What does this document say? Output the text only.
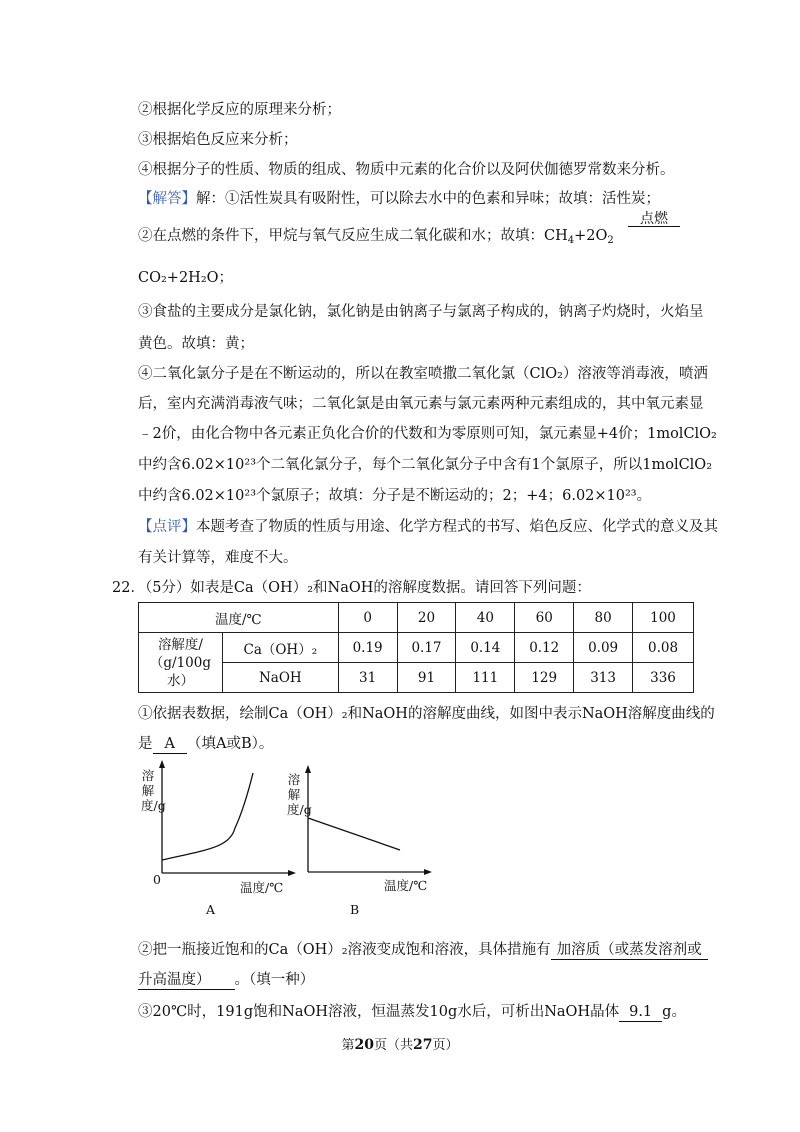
②根据化学反应的原理来分析；
③根据焰色反应来分析；
④根据分子的性质、物质的组成、物质中元素的化合价以及阿伏伽德罗常数来分析。
【解答】解：①活性炭具有吸附性，可以除去水中的色素和异味；故填：活性炭；
②在点燃的条件下，甲烷与氧气反应生成二氧化碳和水；故填：$CH_4+2O_2$
点燃
CO₂+2H₂O；
③食盐的主要成分是氯化钠，氯化钠是由钠离子与氯离子构成的，钠离子灼烧时，火焰呈
黄色。故填：黄；
④二氧化氯分子是在不断运动的，所以在教室喷撒二氧化氯（ClO₂）溶液等消毒液，喷洒
后，室内充满消毒液气味；二氧化氯是由氧元素与氯元素两种元素组成的，其中氧元素显
﹣2价，由化合物中各元素正负化合价的代数和为零原则可知，氯元素显+4价；1molClO₂
中约含6.02×10²³个二氧化氯分子，每个二氧化氯分子中含有1个氯原子，所以1molClO₂
中约含6.02×10²³个氯原子；故填：分子是不断运动的；2；+4；6.02×10²³。
【点评】本题考查了物质的性质与用途、化学方程式的书写、焰色反应、化学式的意义及其
有关计算等，难度不大。
22．（5分）如表是Ca（OH）₂和NaOH的溶解度数据。请回答下列问题：
温度/℃		0	20	40	60	80	100
溶解度/（g/100g水）	Ca（OH）₂	0.19	0.17	0.14	0.12	0.09	0.08
	NaOH	31	91	111	129	313	336
①依据表数据，绘制Ca（OH）₂和NaOH的溶解度曲线，如图中表示NaOH溶解度曲线的
是 A （填A或B）。
溶解度/g
0
温度/℃
A
溶解度/g
温度/℃
B
②把一瓶接近饱和的Ca（OH）₂溶液变成饱和溶液，具体措施有 加溶质（或蒸发溶剂或
升高温度） 。（填一种）
③20℃时，191g饱和NaOH溶液，恒温蒸发10g水后，可析出NaOH晶体 9.1 g。
第20页（共27页）
